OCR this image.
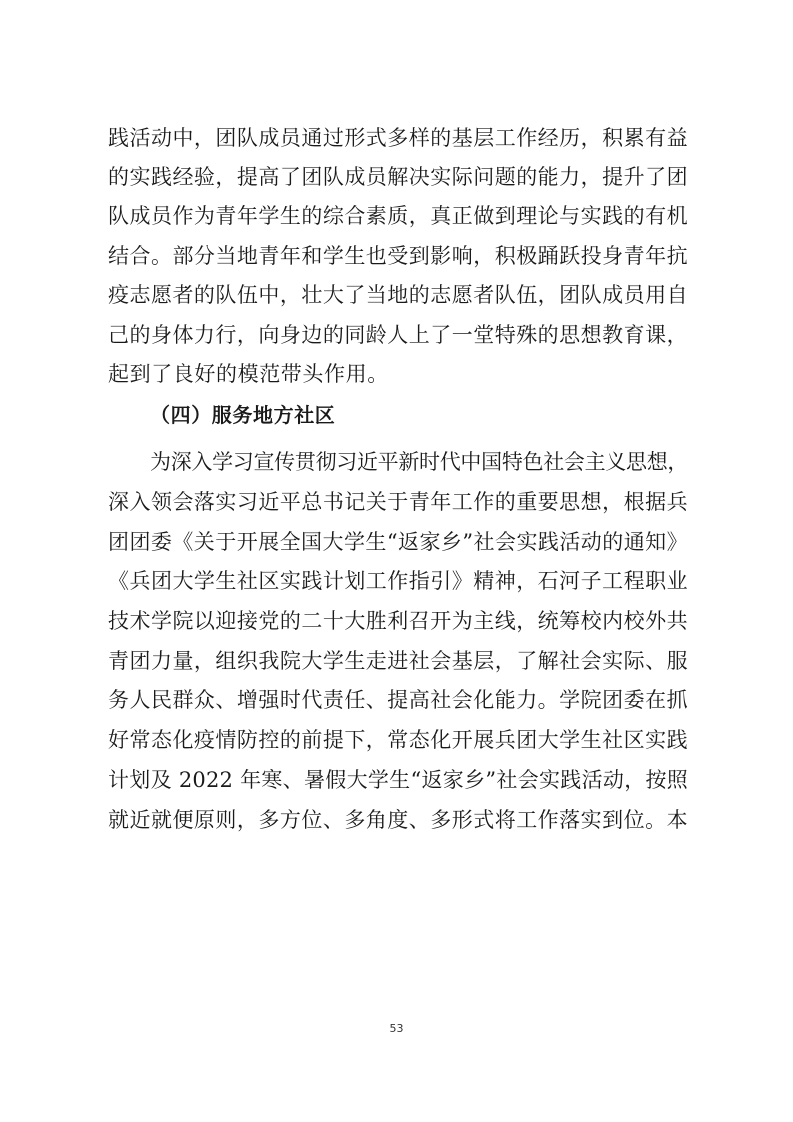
践活动中，团队成员通过形式多样的基层工作经历，积累有益
的实践经验，提高了团队成员解决实际问题的能力，提升了团
队成员作为青年学生的综合素质，真正做到理论与实践的有机
结合。部分当地青年和学生也受到影响，积极踊跃投身青年抗
疫志愿者的队伍中，壮大了当地的志愿者队伍，团队成员用自
己的身体力行，向身边的同龄人上了一堂特殊的思想教育课，
起到了良好的模范带头作用。
（四）服务地方社区
为深入学习宣传贯彻习近平新时代中国特色社会主义思想，
深入领会落实习近平总书记关于青年工作的重要思想，根据兵
团团委《关于开展全国大学生“返家乡”社会实践活动的通知》
《兵团大学生社区实践计划工作指引》精神，石河子工程职业
技术学院以迎接党的二十大胜利召开为主线，统筹校内校外共
青团力量，组织我院大学生走进社会基层，了解社会实际、服
务人民群众、增强时代责任、提高社会化能力。学院团委在抓
好常态化疫情防控的前提下，常态化开展兵团大学生社区实践
计划及 2022 年寒、暑假大学生“返家乡”社会实践活动，按照
就近就便原则，多方位、多角度、多形式将工作落实到位。本
53
